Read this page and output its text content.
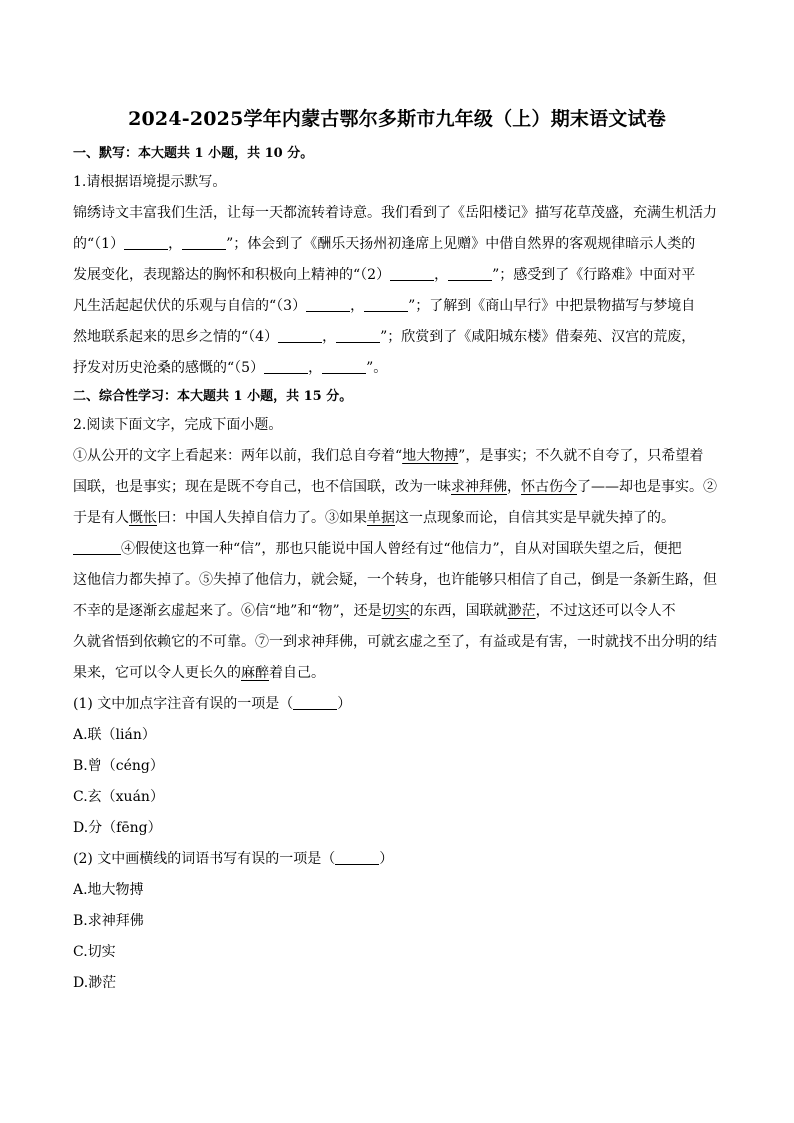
2024-2025学年内蒙古鄂尔多斯市九年级（上）期末语文试卷
一、默写：本大题共 1 小题，共 10 分。
1.请根据语境提示默写。
锦绣诗文丰富我们生活，让每一天都流转着诗意。我们看到了《岳阳楼记》描写花草茂盛，充满生机活力
的“（1）	，	”；体会到了《酬乐天扬州初逢席上见赠》中借自然界的客观规律暗示人类的
发展变化，表现豁达的胸怀和积极向上精神的“（2）	，	”；感受到了《行路难》中面对平
凡生活起起伏伏的乐观与自信的“（3）	，	”；了解到《商山早行》中把景物描写与梦境自
然地联系起来的思乡之情的“（4）	，	”；欣赏到了《咸阳城东楼》借秦苑、汉宫的荒废，
抒发对历史沧桑的感慨的“（5）	，	”。
二、综合性学习：本大题共 1 小题，共 15 分。
2.阅读下面文字，完成下面小题。
①从公开的文字上看起来：两年以前，我们总自夸着“地大物搏”，是事实；不久就不自夸了，只希望着
国联，也是事实；现在是既不夸自己，也不信国联，改为一味求神拜佛，怀古伤今了——却也是事实。②
于是有人慨怅曰：中国人失掉自信力了。③如果单据这一点现象而论，自信其实是早就失掉了的。
④假使这也算一种“信”，那也只能说中国人曾经有过“他信力”，自从对国联失望之后，便把
这他信力都失掉了。⑤失掉了他信力，就会疑，一个转身，也许能够只相信了自己，倒是一条新生路，但
不幸的是逐渐玄虚起来了。⑥信“地”和“物”，还是切实的东西，国联就渺茫，不过这还可以令人不
久就省悟到依赖它的不可靠。⑦一到求神拜佛，可就玄虚之至了，有益或是有害，一时就找不出分明的结
果来，它可以令人更长久的麻醉着自己。
(1) 文中加点字注音有误的一项是（	）
A.联（lián）
B.曾（céng）
C.玄（xuán）
D.分（fēng）
(2) 文中画横线的词语书写有误的一项是（	）
A.地大物搏
B.求神拜佛
C.切实
D.渺茫
